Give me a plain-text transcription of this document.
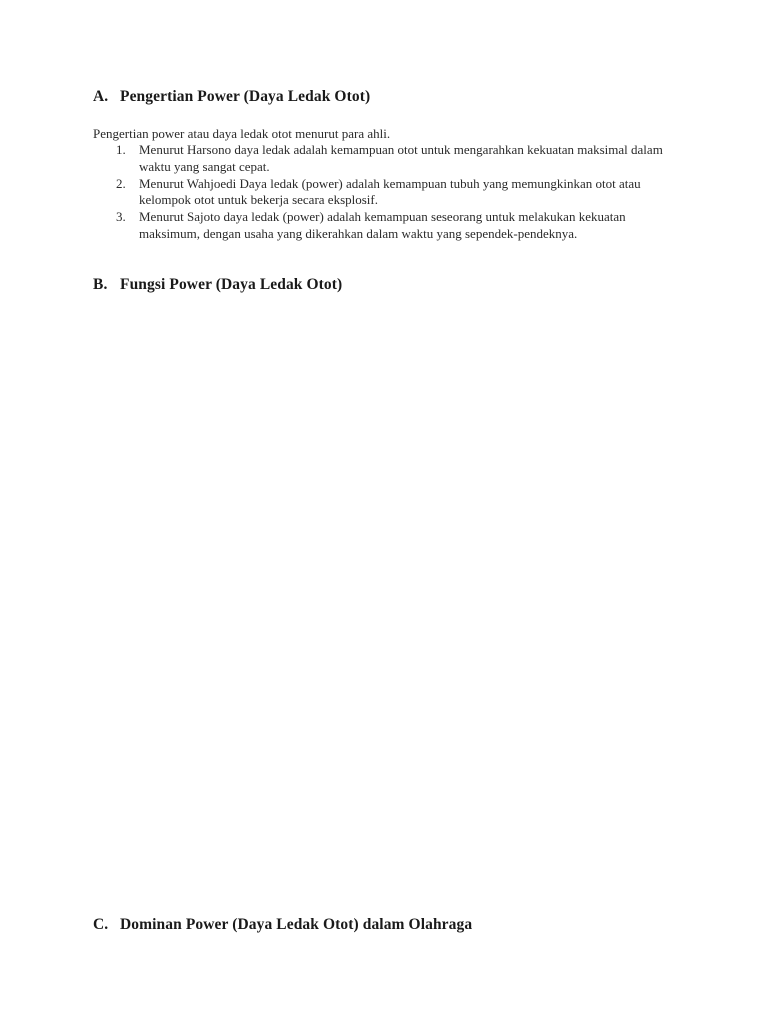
A. Pengertian Power (Daya Ledak Otot)
Pengertian power atau daya ledak otot menurut para ahli.
1. Menurut Harsono daya ledak adalah kemampuan otot untuk mengarahkan kekuatan maksimal dalam waktu yang sangat cepat.
2. Menurut Wahjoedi Daya ledak (power) adalah kemampuan tubuh yang memungkinkan otot atau kelompok otot untuk bekerja secara eksplosif.
3. Menurut Sajoto daya ledak (power) adalah kemampuan seseorang untuk melakukan kekuatan maksimum, dengan usaha yang dikerahkan dalam waktu yang sependek-pendeknya.
B. Fungsi Power (Daya Ledak Otot)
C. Dominan Power (Daya Ledak Otot) dalam Olahraga
